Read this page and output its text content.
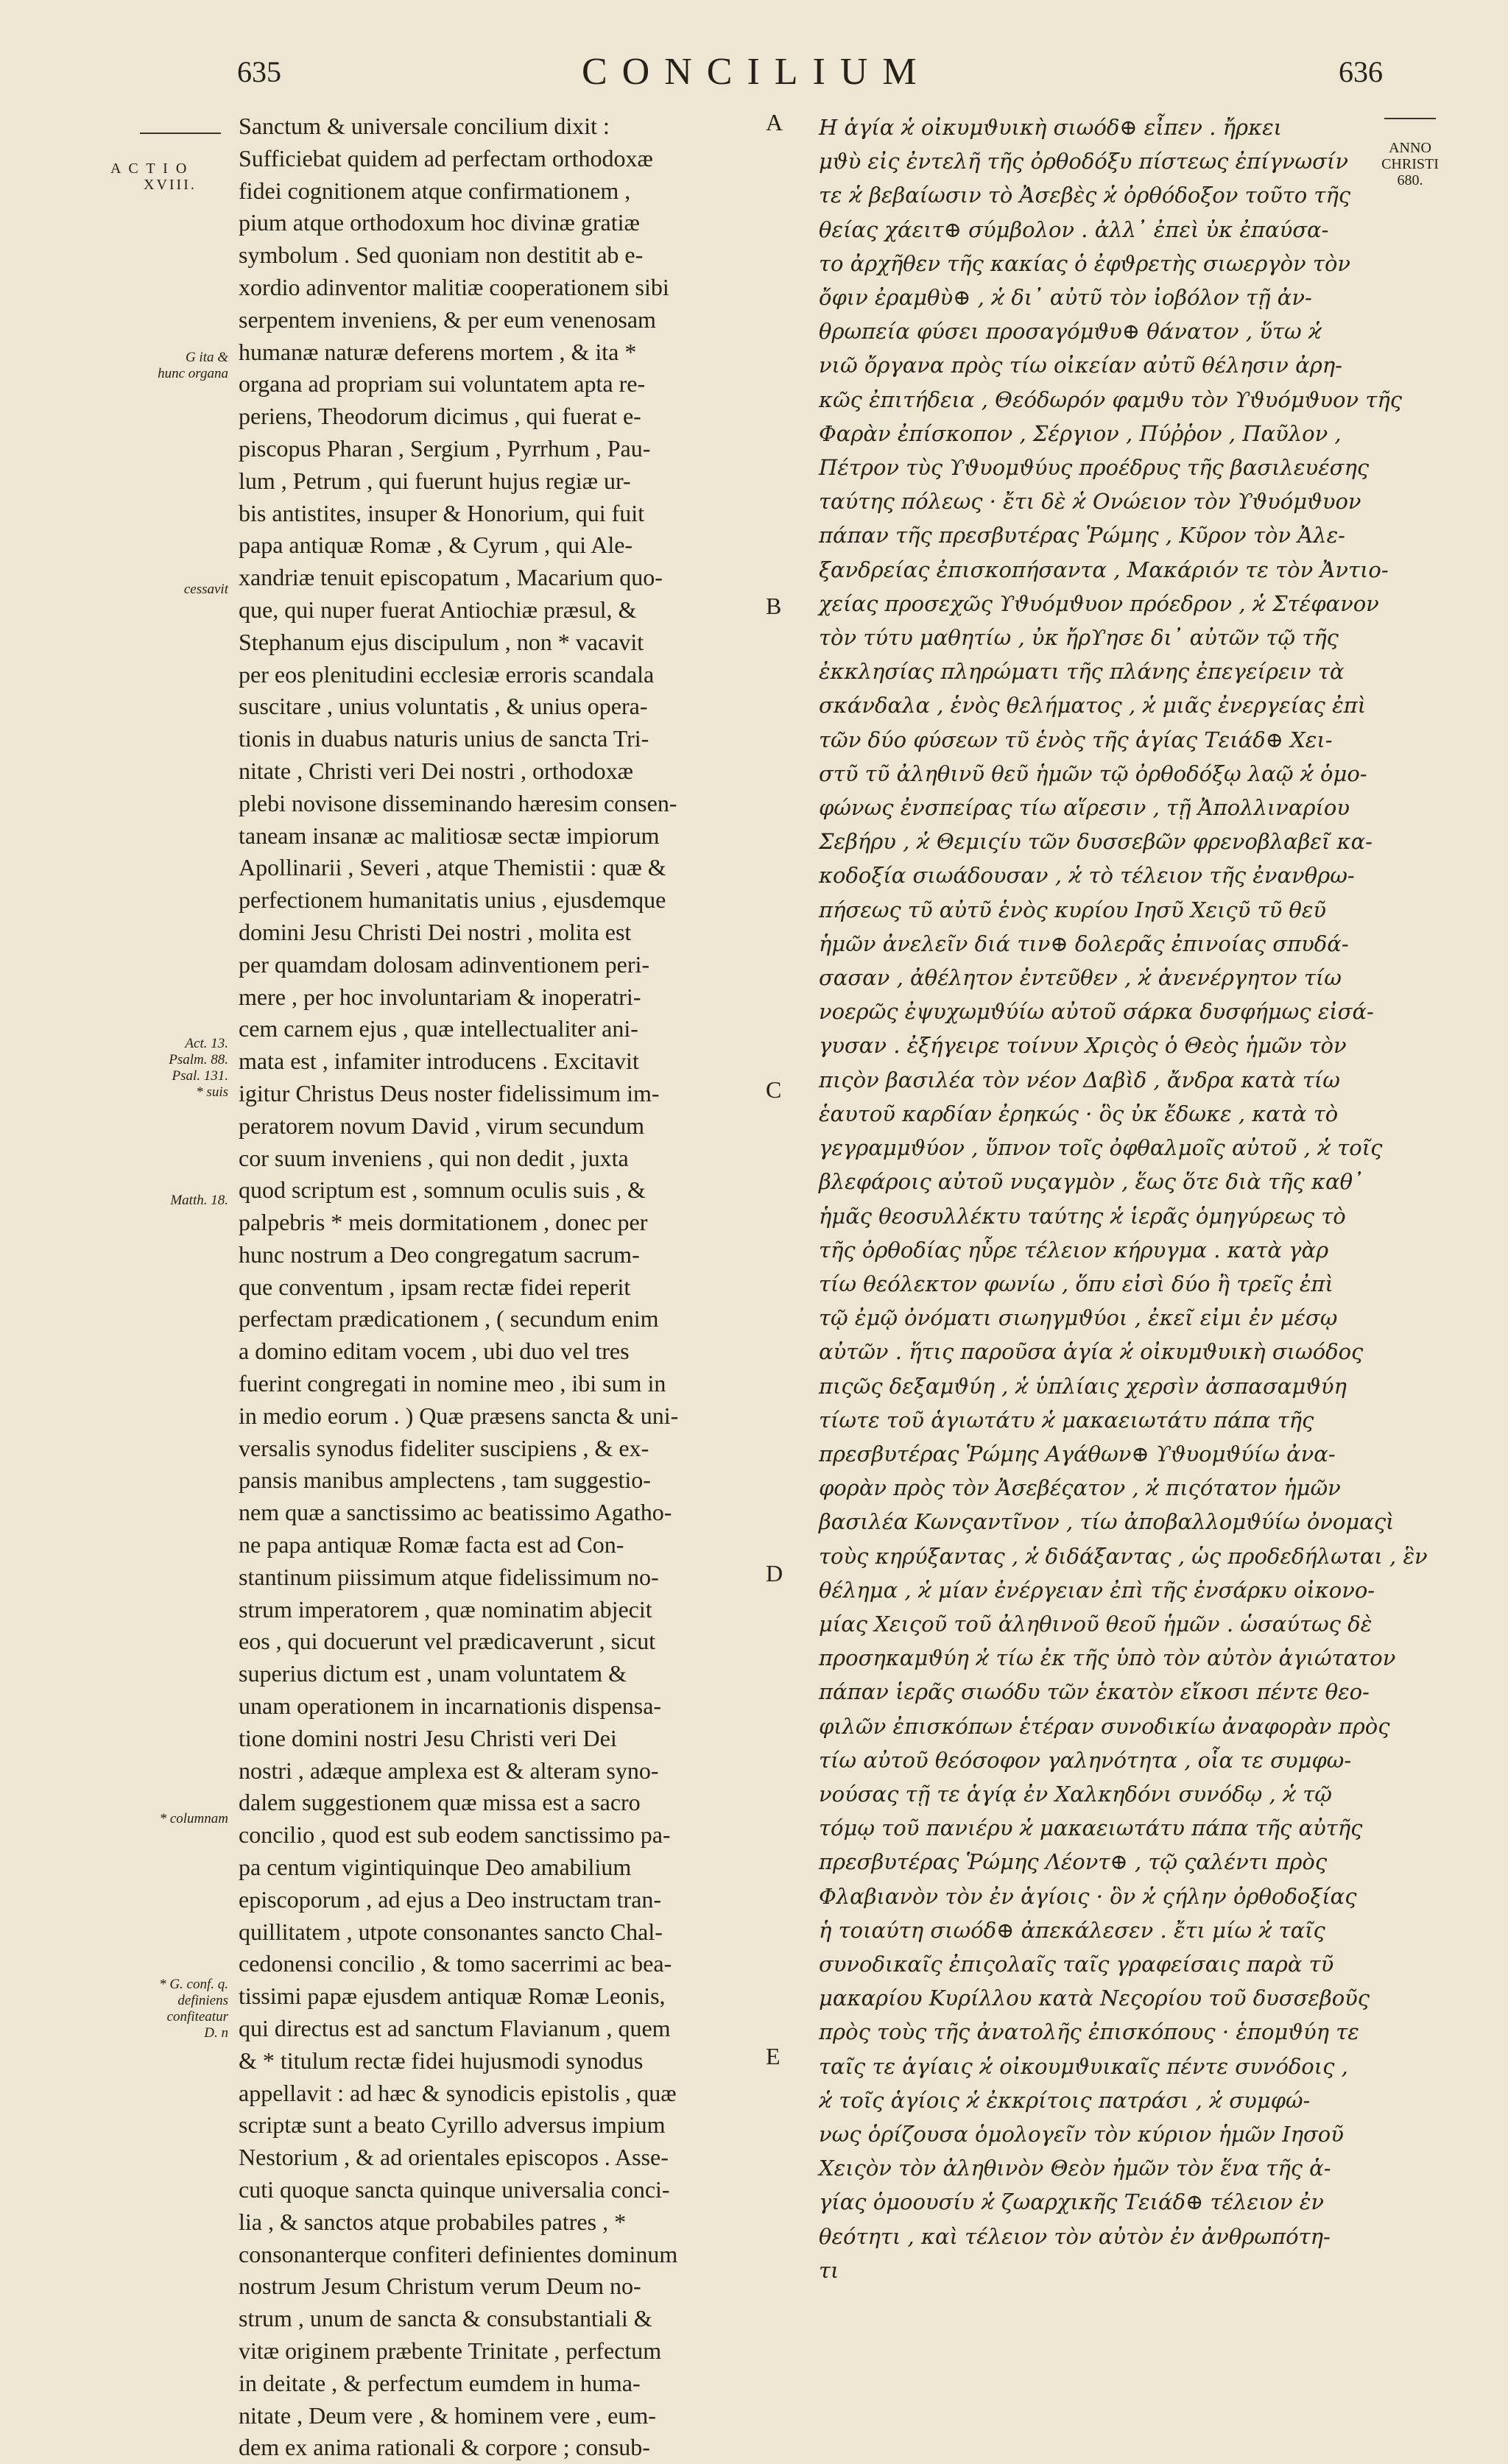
635	CONCILIUM	636
A C T I O
XVIII.
G ita &
hunc organa
cessavit
Act. 13.
Psalm. 88.
Psal. 131.
* suis
Matth. 18.
* columnam
* G. conf. q.
definiens
confiteatur
D. n
ANNO
CHRISTI
680.
Sanctum & universale concilium dixit :
Sufficiebat quidem ad perfectam orthodoxæ
fidei cognitionem atque confirmationem ,
pium atque orthodoxum hoc divinæ gratiæ
symbolum . Sed quoniam non destitit ab e-
xordio adinventor malitiæ cooperationem sibi
serpentem inveniens, & per eum venenosam
humanæ naturæ deferens mortem , & ita *
organa ad propriam sui voluntatem apta re-
periens, Theodorum dicimus , qui fuerat e-
piscopus Pharan , Sergium , Pyrrhum , Pau-
lum , Petrum , qui fuerunt hujus regiæ ur-
bis antistites, insuper & Honorium, qui fuit
papa antiquæ Romæ , & Cyrum , qui Ale-
xandriæ tenuit episcopatum , Macarium quo-
que, qui nuper fuerat Antiochiæ præsul, &
Stephanum ejus discipulum , non * vacavit
per eos plenitudini ecclesiæ erroris scandala
suscitare , unius voluntatis , & unius opera-
tionis in duabus naturis unius de sancta Tri-
nitate , Christi veri Dei nostri , orthodoxæ
plebi novisone disseminando hæresim consen-
taneam insanæ ac malitiosæ sectæ impiorum
Apollinarii , Severi , atque Themistii : quæ &
perfectionem humanitatis unius , ejusdemque
domini Jesu Christi Dei nostri , molita est
per quamdam dolosam adinventionem peri-
mere , per hoc involuntariam & inoperatri-
cem carnem ejus , quæ intellectualiter ani-
mata est , infamiter introducens . Excitavit
igitur Christus Deus noster fidelissimum im-
peratorem novum David , virum secundum
cor suum inveniens , qui non dedit , juxta
quod scriptum est , somnum oculis suis , &
palpebris * meis dormitationem , donec per
hunc nostrum a Deo congregatum sacrum-
que conventum , ipsam rectæ fidei reperit
perfectam prædicationem , ( secundum enim
a domino editam vocem , ubi duo vel tres
fuerint congregati in nomine meo , ibi sum in
in medio eorum . ) Quæ præsens sancta & uni-
versalis synodus fideliter suscipiens , & ex-
pansis manibus amplectens , tam suggestio-
nem quæ a sanctissimo ac beatissimo Agatho-
ne papa antiquæ Romæ facta est ad Con-
stantinum piissimum atque fidelissimum no-
strum imperatorem , quæ nominatim abjecit
eos , qui docuerunt vel prædicaverunt , sicut
superius dictum est , unam voluntatem &
unam operationem in incarnationis dispensa-
tione domini nostri Jesu Christi veri Dei
nostri , adæque amplexa est & alteram syno-
dalem suggestionem quæ missa est a sacro
concilio , quod est sub eodem sanctissimo pa-
pa centum vigintiquinque Deo amabilium
episcoporum , ad ejus a Deo instructam tran-
quillitatem , utpote consonantes sancto Chal-
cedonensi concilio , & tomo sacerrimi ac bea-
tissimi papæ ejusdem antiquæ Romæ Leonis,
qui directus est ad sanctum Flavianum , quem
& * titulum rectæ fidei hujusmodi synodus
appellavit : ad hæc & synodicis epistolis , quæ
scriptæ sunt a beato Cyrillo adversus impium
Nestorium , & ad orientales episcopos . Asse-
cuti quoque sancta quinque universalia conci-
lia , & sanctos atque probabiles patres , *
consonanterque confiteri definientes dominum
nostrum Jesum Christum verum Deum no-
strum , unum de sancta & consubstantiali &
vitæ originem præbente Trinitate , perfectum
in deitate , & perfectum eumdem in huma-
nitate , Deum vere , & hominem vere , eum-
dem ex anima rationali & corpore ; consub-
Η ἁγία ϰ̔ οἰκυμϑυικὴ σιωόδ⊕ εἶπεν . ἤρκει
μϑὺ εἰς ἐντελῆ τῆς ὀρθοδόξυ πίστεως ἐπίγνωσίν
τε ϰ̔ βεβαίωσιν τὸ Ἀσεβὲς ϰ̔ ὀρθόδοξον τοῦτο τῆς
θείας χάειτ⊕ σύμβολον . ἀλλ᾿ ἐπεὶ ὐκ ἐπαύσα-
το ἀρχῆθεν τῆς κακίας ὁ ἐφϑρετὴς σιωεργὸν τὸν
ὄφιν ἐραμθὺ⊕ , ϰ̔ δι᾿ αὐτῦ τὸν ἰοβόλον τῇ ἀν-
θρωπεία φύσει προσαγόμϑυ⊕ θάνατον , ὕτω ϰ̔
νιῶ ὄργανα πρὸς τίω οἰκείαν αὐτῦ θέλησιν ἀρη-
κῶς ἐπιτήδεια , Θεόδωρόν φαμϑυ τὸν ϒϑυόμϑυον τῆς
Φαρὰν ἐπίσκοπον , Σέργιον , Πύῤῥον , Παῦλον ,
Πέτρον τὺς ϒϑυομϑύυς προέδρυς τῆς βασιλευέσης
ταύτης πόλεως · ἔτι δὲ ϰ̔ Ονώειον τὸν ϒϑυόμϑυον
πάπαν τῆς πρεσβυτέρας Ῥώμης , Κῦρον τὸν Ἀλε-
ξανδρείας ἐπισκοπήσαντα , Μακάριόν τε τὸν Ἀντιο-
χείας προσεχῶς ϒϑυόμϑυον πρόεδρον , ϰ̔ Στέφανον
τὸν τύτυ μαθητίω , ὐκ ἤρϒησε δι᾿ αὐτῶν τῷ τῆς
ἐκκλησίας πληρώματι τῆς πλάνης ἐπεγείρειν τὰ
σκάνδαλα , ἑνὸς θελήματος , ϰ̔ μιᾶς ἐνεργείας ἐπὶ
τῶν δύο φύσεων τῦ ἑνὸς τῆς ἁγίας Τειάδ⊕ Χει-
στῦ τῦ ἀληθινῦ θεῦ ἡμῶν τῷ ὀρθοδόξῳ λαῷ ϰ̔ ὁμο-
φώνως ἐνσπείρας τίω αἵρεσιν , τῇ Ἀπολλιναρίου
Σεβήρυ , ϰ̔ Θεμιςίυ τῶν δυσσεβῶν φρενοβλαβεῖ κα-
κοδοξία σιωάδουσαν , ϰ̔ τὸ τέλειον τῆς ἐνανθρω-
πήσεως τῦ αὐτῦ ἑνὸς κυρίου Ιησῦ Χειςῦ τῦ θεῦ
ἡμῶν ἀνελεῖν διά τιν⊕ δολερᾶς ἐπινοίας σπυδά-
σασαν , ἀθέλητον ἐντεῦθεν , ϰ̔ ἀνενέργητον τίω
νοερῶς ἐψυχωμϑύίω αὐτοῦ σάρκα δυσφήμως εἰσά-
γυσαν . ἐξήγειρε τοίνυν Χριςὸς ὁ Θεὸς ἡμῶν τὸν
πιςὸν βασιλέα τὸν νέον Δαβὶδ , ἄνδρα κατὰ τίω
ἑαυτοῦ καρδίαν ἐρηκώς · ὃς ὐκ ἔδωκε , κατὰ τὸ
γεγραμμϑύον , ὕπνον τοῖς ὀφθαλμοῖς αὐτοῦ , ϰ̔ τοῖς
βλεφάροις αὐτοῦ νυςαγμὸν , ἕως ὅτε διὰ τῆς καθ᾿
ἡμᾶς θεοσυλλέκτυ ταύτης ϰ̔ ἱερᾶς ὁμηγύρεως τὸ
τῆς ὀρθοδίας ηὗρε τέλειον κήρυγμα . κατὰ γὰρ
τίω θεόλεκτον φωνίω , ὅπυ εἰσὶ δύο ἢ τρεῖς ἐπὶ
τῷ ἐμῷ ὀνόματι σιωηγμϑύοι , ἐκεῖ εἰμι ἐν μέσῳ
αὐτῶν . ἥτις παροῦσα ἁγία ϰ̔ οἰκυμϑυικὴ σιωόδος
πιςῶς δεξαμϑύη , ϰ̔ ὑπλίαις χερσὶν ἀσπασαμϑύη
τίωτε τοῦ ἁγιωτάτυ ϰ̔ μακαειωτάτυ πάπα τῆς
πρεσβυτέρας Ῥώμης Αγάθων⊕ ϒϑυομϑύίω ἀνα-
φορὰν πρὸς τὸν Ἀσεβέςατον , ϰ̔ πιςότατον ἡμῶν
βασιλέα Κωνςαντῖνον , τίω ἀποβαλλομϑύίω ὀνομαςὶ
τοὺς κηρύξαντας , ϰ̔ διδάξαντας , ὡς προδεδήλωται , ἓν
θέλημα , ϰ̔ μίαν ἐνέργειαν ἐπὶ τῆς ἐνσάρκυ οἰκονο-
μίας Χειςοῦ τοῦ ἀληθινοῦ θεοῦ ἡμῶν . ὡσαύτως δὲ
προσηκαμϑύη ϰ̔ τίω ἐκ τῆς ὑπὸ τὸν αὐτὸν ἁγιώτατον
πάπαν ἱερᾶς σιωόδυ τῶν ἑκατὸν εἴκοσι πέντε θεο-
φιλῶν ἐπισκόπων ἑτέραν συνοδικίω ἀναφορὰν πρὸς
τίω αὐτοῦ θεόσοφον γαληνότητα , οἷα τε συμφω-
νούσας τῇ τε ἁγίᾳ ἐν Χαλκηδόνι συνόδῳ , ϰ̔ τῷ
τόμῳ τοῦ πανιέρυ ϰ̔ μακαειωτάτυ πάπα τῆς αὐτῆς
πρεσβυτέρας Ῥώμης Λέοντ⊕ , τῷ ςαλέντι πρὸς
Φλαβιανὸν τὸν ἐν ἁγίοις · ὃν ϰ̔ ςήλην ὀρθοδοξίας
ἡ τοιαύτη σιωόδ⊕ ἀπεκάλεσεν . ἔτι μίω ϰ̔ ταῖς
συνοδικαῖς ἐπιςολαῖς ταῖς γραφείσαις παρὰ τῦ
μακαρίου Κυρίλλου κατὰ Νεςορίου τοῦ δυσσεβοῦς
πρὸς τοὺς τῆς ἀνατολῆς ἐπισκόπους · ἑπομϑύη τε
ταῖς τε ἁγίαις ϰ̔ οἰκουμϑυικαῖς πέντε συνόδοις ,
ϰ̔ τοῖς ἁγίοις ϰ̔ ἐκκρίτοις πατράσι , ϰ̔ συμφώ-
νως ὁρίζουσα ὁμολογεῖν τὸν κύριον ἡμῶν Ιησοῦ
Χειςὸν τὸν ἀληθινὸν Θεὸν ἡμῶν τὸν ἕνα τῆς ἁ-
γίας ὁμοουσίυ ϰ̔ ζωαρχικῆς Τειάδ⊕ τέλειον ἐν
θεότητι , καὶ τέλειον τὸν αὐτὸν ἐν ἀνθρωπότη-
τι
A
B
C
D
E
